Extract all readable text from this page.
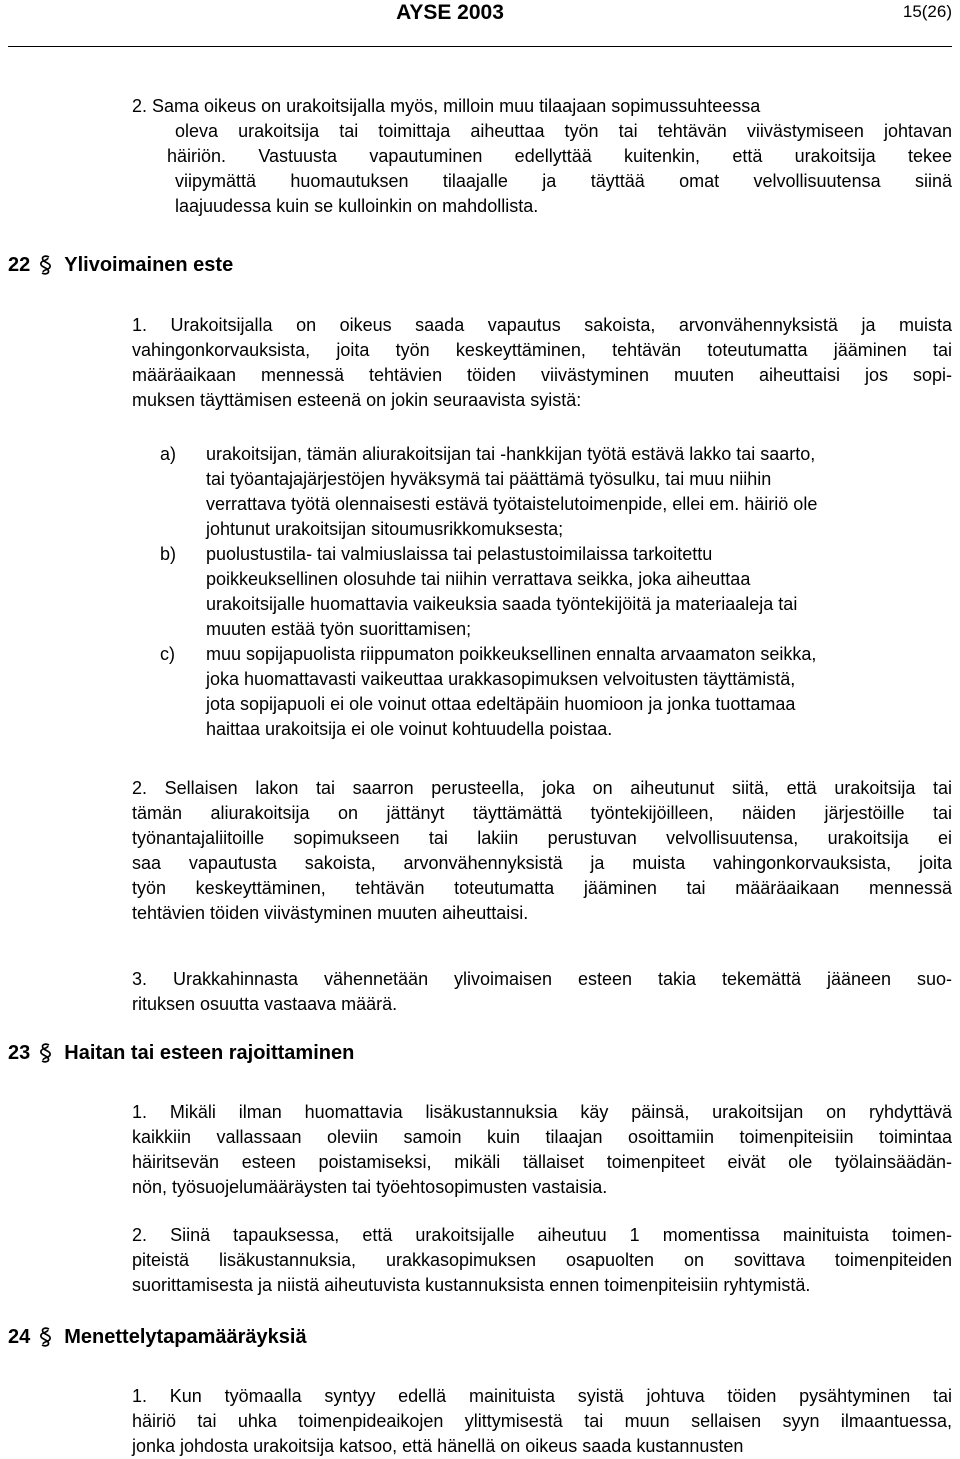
AYSE 2003	15(26)
2. Sama oikeus on urakoitsijalla myös, milloin muu tilaajaan sopimussuhteessa
oleva urakoitsija tai toimittaja aiheuttaa työn tai tehtävän viivästymiseen johtavan
häiriön. Vastuusta vapautuminen edellyttää kuitenkin, että urakoitsija tekee
viipymättä huomautuksen tilaajalle ja täyttää omat velvollisuutensa siinä
laajuudessa kuin se kulloinkin on mahdollista.
22 Ylivoimainen este
1. Urakoitsijalla on oikeus saada vapautus sakoista, arvonvähennyksistä ja muista
vahingonkorvauksista, joita työn keskeyttäminen, tehtävän toteutumatta jääminen tai
määräaikaan mennessä tehtävien töiden viivästyminen muuten aiheuttaisi jos sopi-
muksen täyttämisen esteenä on jokin seuraavista syistä:
a) urakoitsijan, tämän aliurakoitsijan tai -hankkijan työtä estävä lakko tai saarto,
tai työantajajärjestöjen hyväksymä tai päättämä työsulku, tai muu niihin
verrattava työtä olennaisesti estävä työtaistelutoimenpide, ellei em. häiriö ole
johtunut urakoitsijan sitoumusrikkomuksesta;
b) puolustustila- tai valmiuslaissa tai pelastustoimilaissa tarkoitettu
poikkeuksellinen olosuhde tai niihin verrattava seikka, joka aiheuttaa
urakoitsijalle huomattavia vaikeuksia saada työntekijöitä ja materiaaleja tai
muuten estää työn suorittamisen;
c) muu sopijapuolista riippumaton poikkeuksellinen ennalta arvaamaton seikka,
joka huomattavasti vaikeuttaa urakkasopimuksen velvoitusten täyttämistä,
jota sopijapuoli ei ole voinut ottaa edeltäpäin huomioon ja jonka tuottamaa
haittaa urakoitsija ei ole voinut kohtuudella poistaa.
2. Sellaisen lakon tai saarron perusteella, joka on aiheutunut siitä, että urakoitsija tai
tämän aliurakoitsija on jättänyt täyttämättä työntekijöilleen, näiden järjestöille tai
työnantajaliitoille sopimukseen tai lakiin perustuvan velvollisuutensa, urakoitsija ei
saa vapautusta sakoista, arvonvähennyksistä ja muista vahingonkorvauksista, joita
työn keskeyttäminen, tehtävän toteutumatta jääminen tai määräaikaan mennessä
tehtävien töiden viivästyminen muuten aiheuttaisi.
3. Urakkahinnasta vähennetään ylivoimaisen esteen takia tekemättä jääneen suo-
rituksen osuutta vastaava määrä.
23 Haitan tai esteen rajoittaminen
1. Mikäli ilman huomattavia lisäkustannuksia käy päinsä, urakoitsijan on ryhdyttävä
kaikkiin vallassaan oleviin samoin kuin tilaajan osoittamiin toimenpiteisiin toimintaa
häiritsevän esteen poistamiseksi, mikäli tällaiset toimenpiteet eivät ole työlainsäädän-
nön, työsuojelumääräysten tai työehtosopimusten vastaisia.
2. Siinä tapauksessa, että urakoitsijalle aiheutuu 1 momentissa mainituista toimen-
piteistä lisäkustannuksia, urakkasopimuksen osapuolten on sovittava toimenpiteiden
suorittamisesta ja niistä aiheutuvista kustannuksista ennen toimenpiteisiin ryhtymistä.
24 Menettelytapamääräyksiä
1. Kun työmaalla syntyy edellä mainituista syistä johtuva töiden pysähtyminen tai
häiriö tai uhka toimenpideaikojen ylittymisestä tai muun sellaisen syyn ilmaantuessa,
jonka johdosta urakoitsija katsoo, että hänellä on oikeus saada kustannusten
